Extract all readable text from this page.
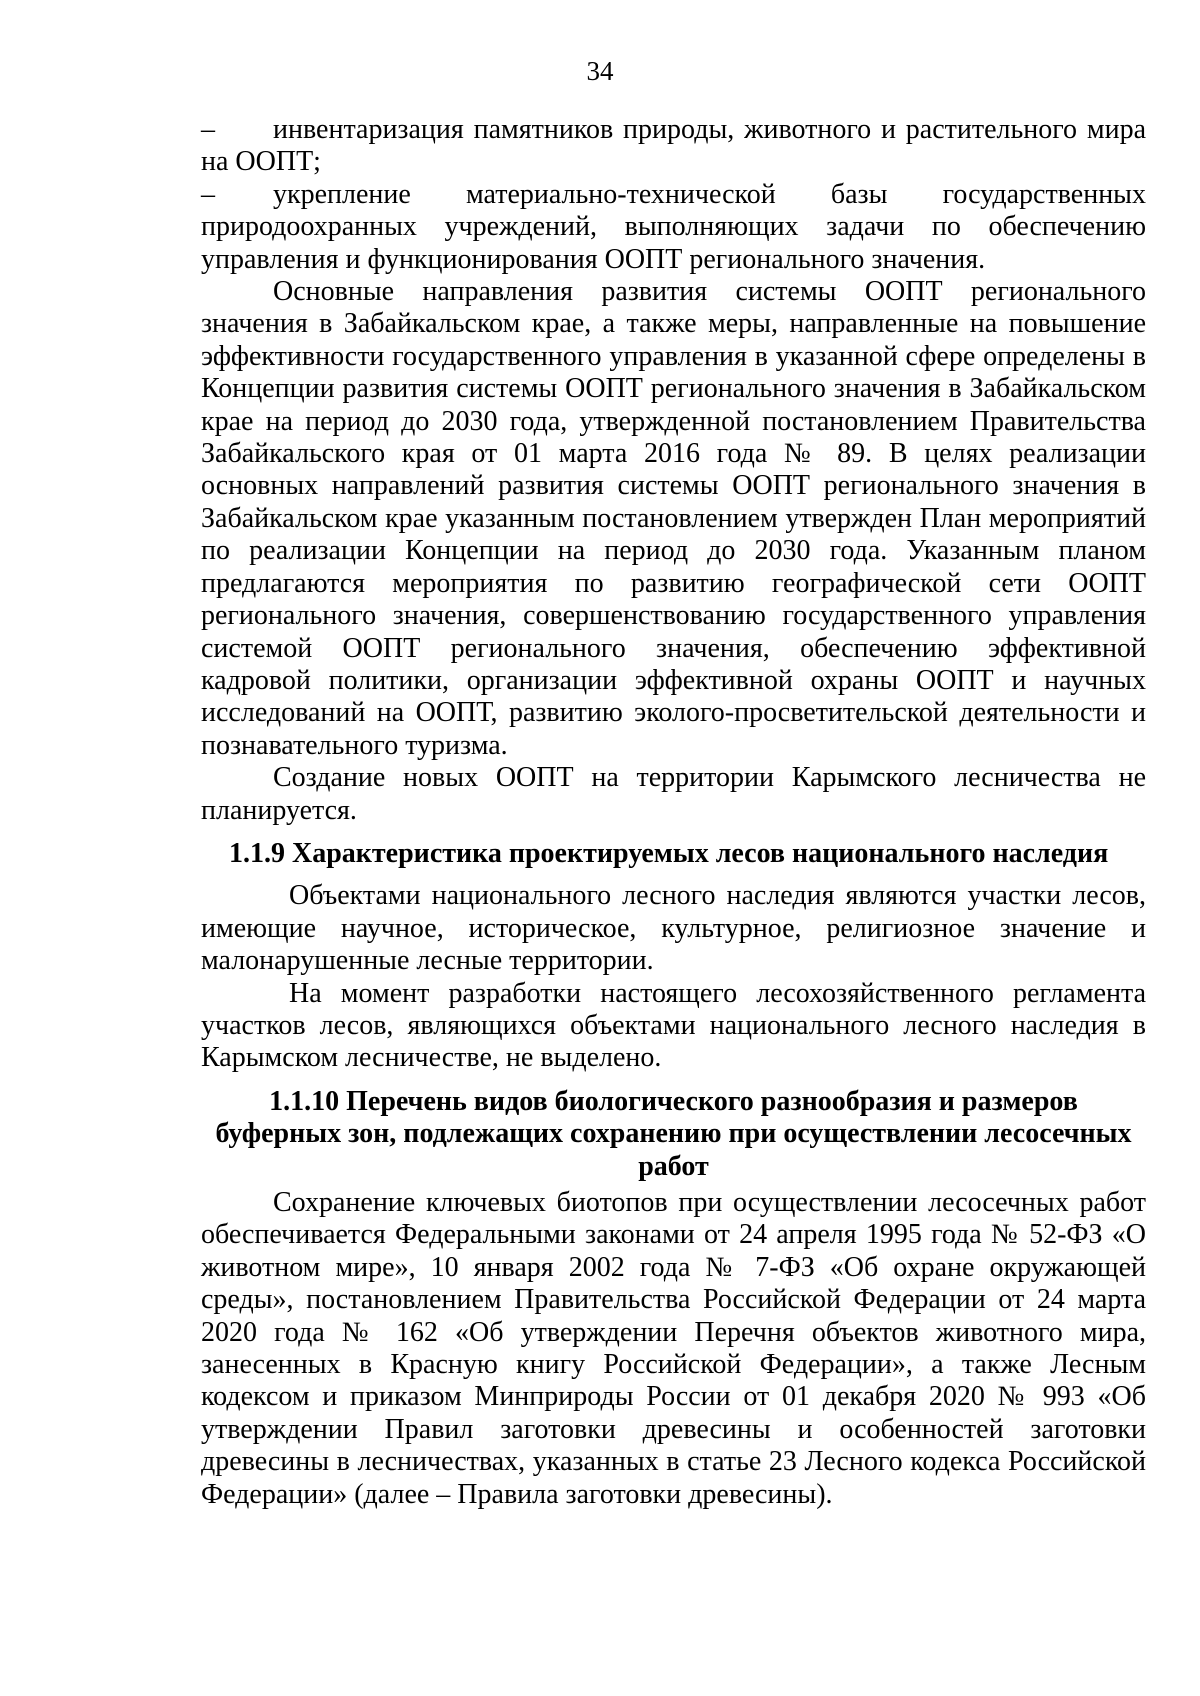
34

– инвентаризация памятников природы, животного и растительного мира на ООПТ;

– укрепление материально-технической базы государственных природоохранных учреждений, выполняющих задачи по обеспечению управления и функционирования ООПТ регионального значения.

Основные направления развития системы ООПТ регионального значения в Забайкальском крае, а также меры, направленные на повышение эффективности государственного управления в указанной сфере определены в Концепции развития системы ООПТ регионального значения в Забайкальском крае на период до 2030 года, утвержденной постановлением Правительства Забайкальского края от 01 марта 2016 года № 89. В целях реализации основных направлений развития системы ООПТ регионального значения в Забайкальском крае указанным постановлением утвержден План мероприятий по реализации Концепции на период до 2030 года. Указанным планом предлагаются мероприятия по развитию географической сети ООПТ регионального значения, совершенствованию государственного управления системой ООПТ регионального значения, обеспечению эффективной кадровой политики, организации эффективной охраны ООПТ и научных исследований на ООПТ, развитию эколого-просветительской деятельности и познавательного туризма.

Создание новых ООПТ на территории Карымского лесничества не планируется.

1.1.9 Характеристика проектируемых лесов национального наследия

Объектами национального лесного наследия являются участки лесов, имеющие научное, историческое, культурное, религиозное значение и малонарушенные лесные территории.

На момент разработки настоящего лесохозяйственного регламента участков лесов, являющихся объектами национального лесного наследия в Карымском лесничестве, не выделено.

1.1.10 Перечень видов биологического разнообразия и размеров
буферных зон, подлежащих сохранению при осуществлении лесосечных
работ

Сохранение ключевых биотопов при осуществлении лесосечных работ обеспечивается Федеральными законами от 24 апреля 1995 года № 52-ФЗ «О животном мире», 10 января 2002 года № 7-ФЗ «Об охране окружающей среды», постановлением Правительства Российской Федерации от 24 марта 2020 года № 162 «Об утверждении Перечня объектов животного мира, занесенных в Красную книгу Российской Федерации», а также Лесным кодексом и приказом Минприроды России от 01 декабря 2020 № 993 «Об утверждении Правил заготовки древесины и особенностей заготовки древесины в лесничествах, указанных в статье 23 Лесного кодекса Российской Федерации» (далее – Правила заготовки древесины).
